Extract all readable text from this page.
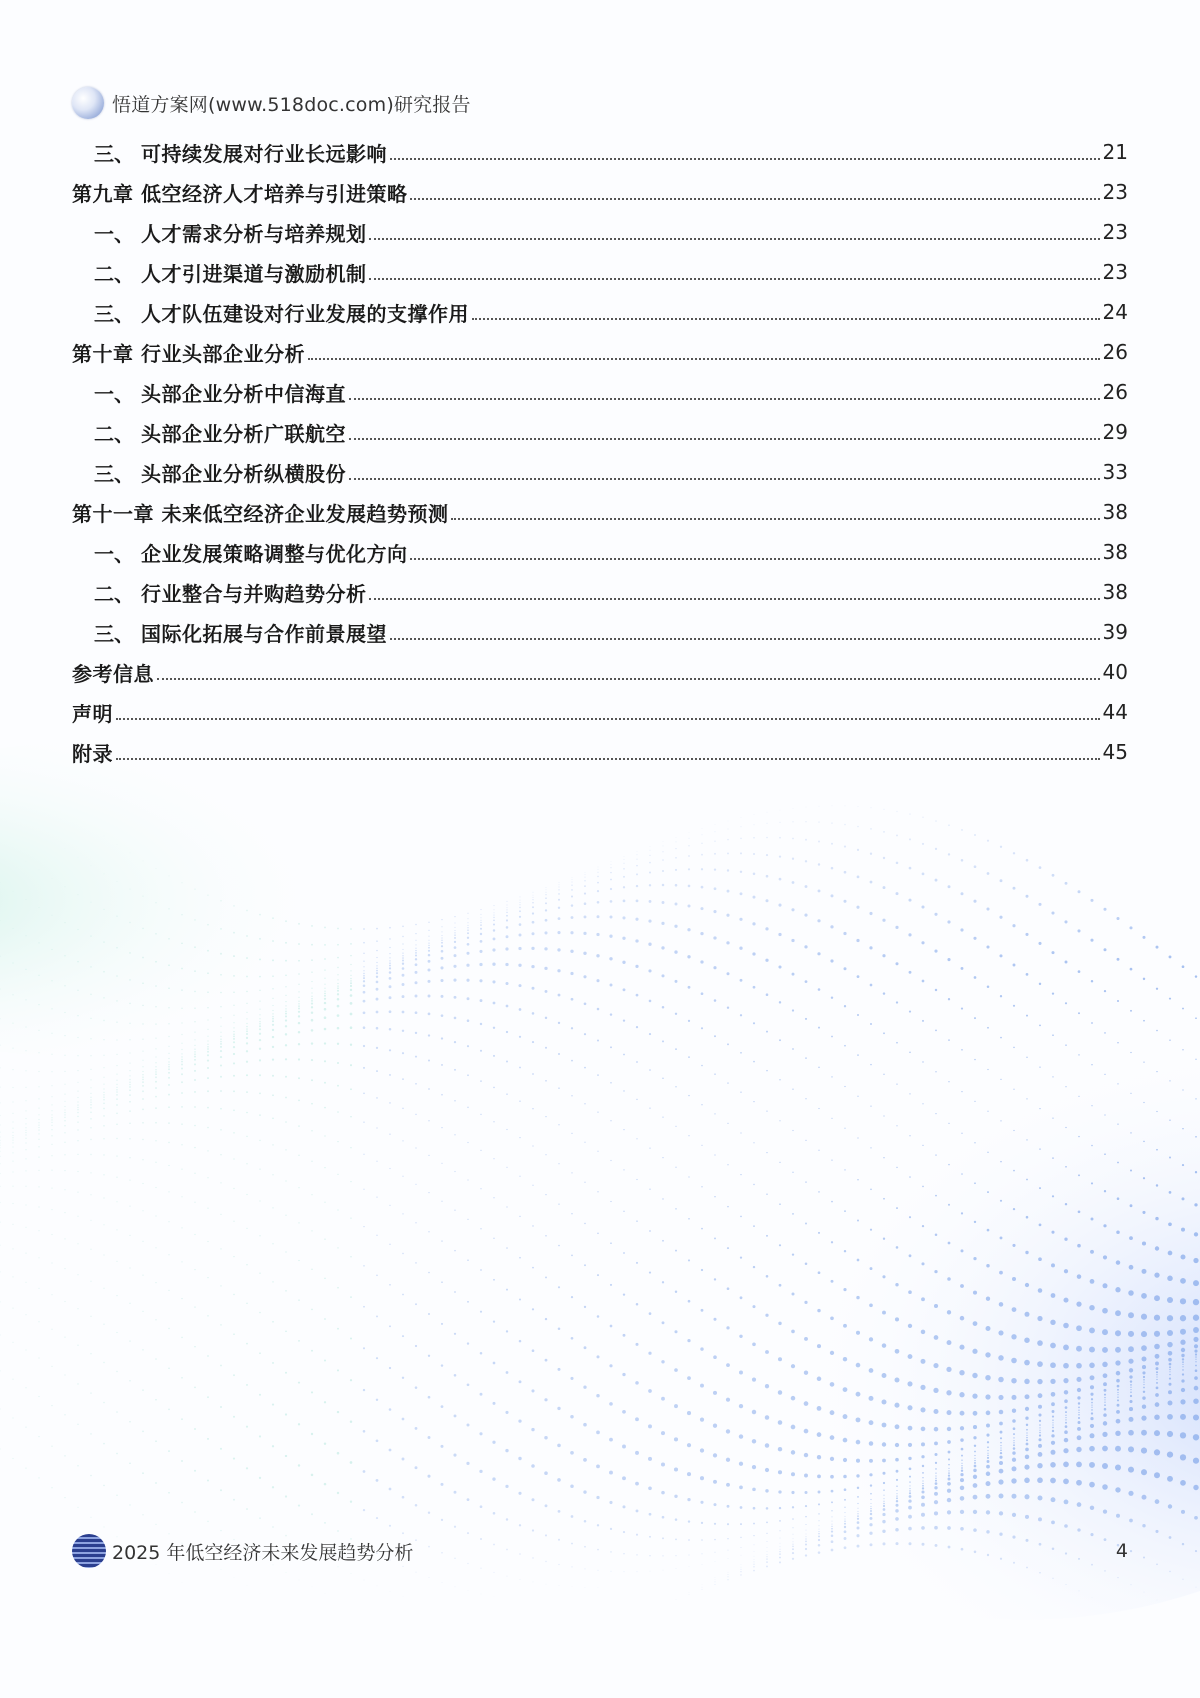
悟道方案网(www.518doc.com)研究报告
三、 可持续发展对行业长远影响	21
第九章 低空经济人才培养与引进策略	23
一、 人才需求分析与培养规划	23
二、 人才引进渠道与激励机制	23
三、 人才队伍建设对行业发展的支撑作用	24
第十章 行业头部企业分析	26
一、 头部企业分析中信海直	26
二、 头部企业分析广联航空	29
三、 头部企业分析纵横股份	33
第十一章 未来低空经济企业发展趋势预测	38
一、 企业发展策略调整与优化方向	38
二、 行业整合与并购趋势分析	38
三、 国际化拓展与合作前景展望	39
参考信息	40
声明	44
附录	45
2025 年低空经济未来发展趋势分析	4
